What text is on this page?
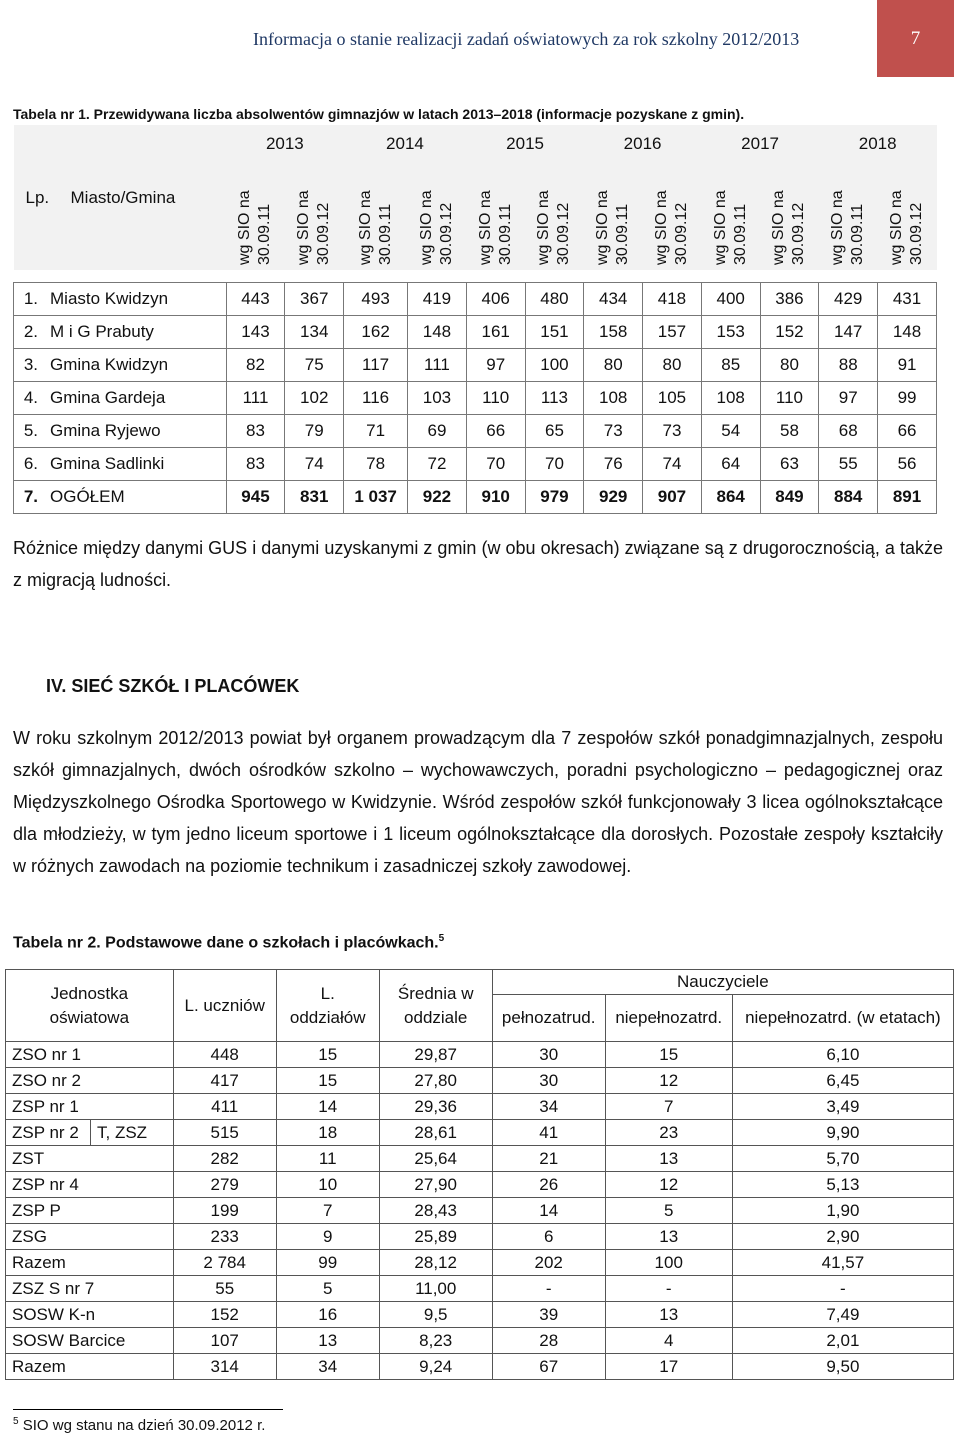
Informacja o stanie realizacji zadań oświatowych za rok szkolny 2012/2013	7
Tabela nr 1. Przewidywana liczba absolwentów gimnazjów w latach 2013–2018 (informacje pozyskane z gmin).
Lp. Miasto/Gmina		2013		2014		2015		2016		2017		2018	
		wg SIO na 30.09.11	wg SIO na 30.09.12	wg SIO na 30.09.11	wg SIO na 30.09.12	wg SIO na 30.09.11	wg SIO na 30.09.12	wg SIO na 30.09.11	wg SIO na 30.09.12	wg SIO na 30.09.11	wg SIO na 30.09.12	wg SIO na 30.09.11	wg SIO na 30.09.12

1.	Miasto Kwidzyn	443	367	493	419	406	480	434	418	400	386	429	431
2.	M i G Prabuty	143	134	162	148	161	151	158	157	153	152	147	148
3.	Gmina Kwidzyn	82	75	117	111	97	100	80	80	85	80	88	91
4.	Gmina Gardeja	111	102	116	103	110	113	108	105	108	110	97	99
5.	Gmina Ryjewo	83	79	71	69	66	65	73	73	54	58	68	66
6.	Gmina Sadlinki	83	74	78	72	70	70	76	74	64	63	55	56
7.	OGÓŁEM	945	831	1 037	922	910	979	929	907	864	849	884	891
Różnice między danymi GUS i danymi uzyskanymi z gmin (w obu okresach) związane są z drugorocznością, a także z migracją ludności.
IV. SIEĆ SZKÓŁ I PLACÓWEK
W roku szkolnym 2012/2013 powiat był organem prowadzącym dla 7 zespołów szkół ponadgimnazjalnych, zespołu szkół gimnazjalnych, dwóch ośrodków szkolno – wychowawczych, poradni psychologiczno – pedagogicznej oraz Międzyszkolnego Ośrodka Sportowego w Kwidzynie. Wśród zespołów szkół funkcjonowały 3 licea ogólnokształcące dla młodzieży, w tym jedno liceum sportowe i 1 liceum ogólnokształcące dla dorosłych. Pozostałe zespoły kształciły w różnych zawodach na poziomie technikum i zasadniczej szkoły zawodowej.
Tabela nr 2. Podstawowe dane o szkołach i placówkach.$^5$
Jednostka oświatowa		L. uczniów	L. oddziałów	Średnia w oddziale	Nauczyciele		
					pełnozatrud.	niepełnozatrd.	niepełnozatrd. (w etatach)
ZSO nr 1		448	15	29,87	30	15	6,10
ZSO nr 2		417	15	27,80	30	12	6,45
ZSP nr 1		411	14	29,36	34	7	3,49
ZSP nr 2	T, ZSZ	515	18	28,61	41	23	9,90
ZST		282	11	25,64	21	13	5,70
ZSP nr 4		279	10	27,90	26	12	5,13
ZSP P		199	7	28,43	14	5	1,90
ZSG		233	9	25,89	6	13	2,90
Razem		2 784	99	28,12	202	100	41,57
ZSZ S nr 7		55	5	11,00	-	-	-
SOSW K-n		152	16	9,5	39	13	7,49
SOSW Barcice		107	13	8,23	28	4	2,01
Razem		314	34	9,24	67	17	9,50
$^5$ SIO wg stanu na dzień 30.09.2012 r.
